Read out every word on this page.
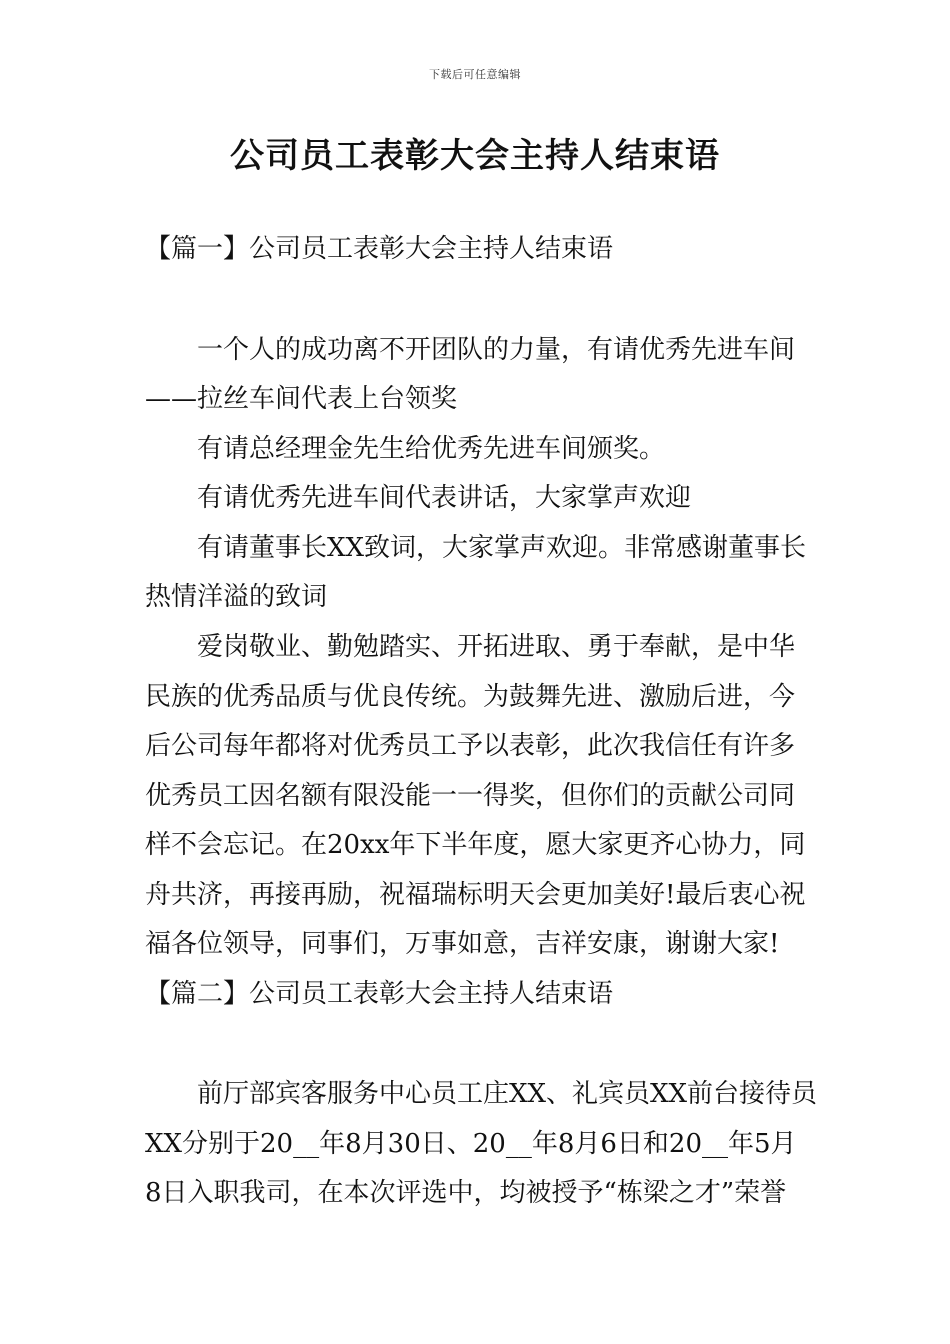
下载后可任意编辑
公司员工表彰大会主持人结束语
【篇一】公司员工表彰大会主持人结束语
一个人的成功离不开团队的力量，有请优秀先进车间
——拉丝车间代表上台领奖
有请总经理金先生给优秀先进车间颁奖。
有请优秀先进车间代表讲话，大家掌声欢迎
有请董事长XX致词，大家掌声欢迎。非常感谢董事长
热情洋溢的致词
爱岗敬业、勤勉踏实、开拓进取、勇于奉献，是中华
民族的优秀品质与优良传统。为鼓舞先进、激励后进，今
后公司每年都将对优秀员工予以表彰，此次我信任有许多
优秀员工因名额有限没能一一得奖，但你们的贡献公司同
样不会忘记。在20xx年下半年度，愿大家更齐心协力，同
舟共济，再接再励，祝福瑞标明天会更加美好!最后衷心祝
福各位领导，同事们，万事如意，吉祥安康，谢谢大家!
【篇二】公司员工表彰大会主持人结束语
前厅部宾客服务中心员工庄XX、礼宾员XX前台接待员
XX分别于20__年8月30日、20__年8月6日和20__年5月
8日入职我司，在本次评选中，均被授予“栋梁之才”荣誉
